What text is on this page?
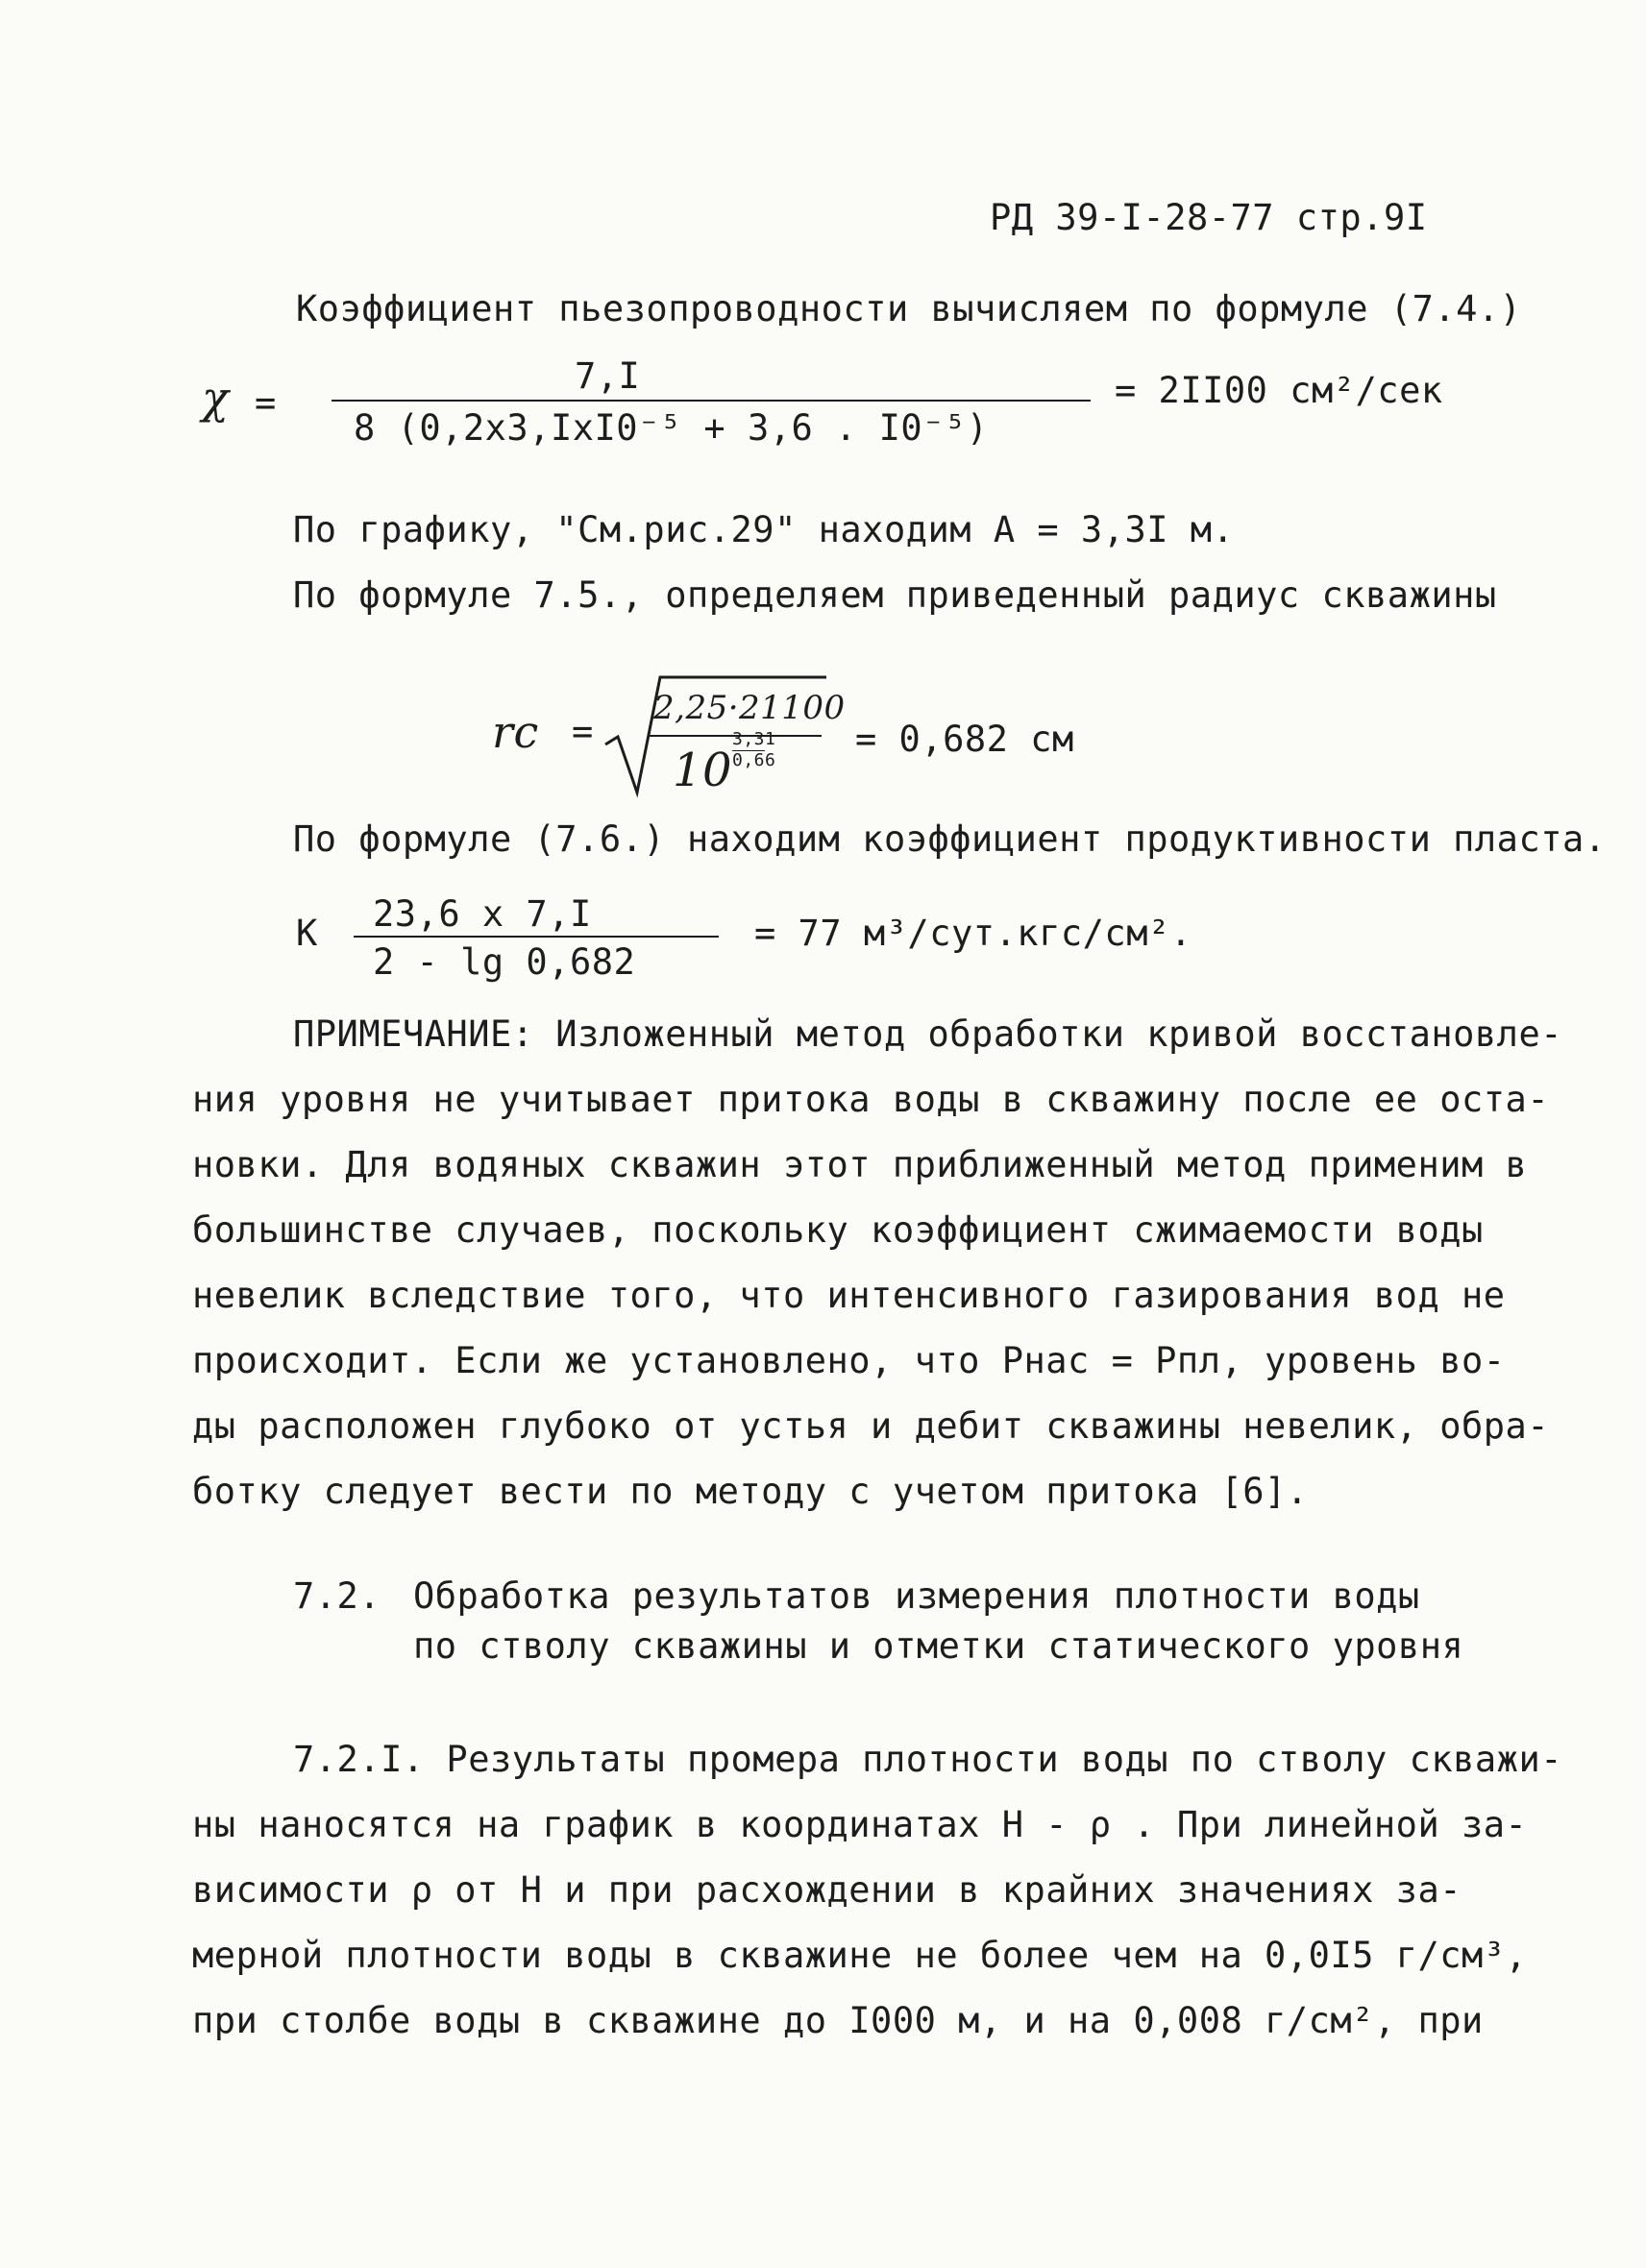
РД 39-I-28-77 стр.9I
Коэффициент пьезопроводности вычисляем по формуле (7.4.)
χ =
7,I
8 (0,2x3,IxI0⁻⁵ + 3,6 . I0⁻⁵)
= 2II00 см²/сек
По графику, "См.рис.29" находим A = 3,3I м.
По формуле 7.5., определяем приведенный радиус скважины
rc =
2,25·21100
10
3,31
0,66
= 0,682 см
По формуле (7.6.) находим коэффициент продуктивности пласта.
K 23,6 x 7,I
2 - lg 0,682
= 77 м³/сут.кгс/см².
ПРИМЕЧАНИЕ: Изложенный метод обработки кривой восстановле-
ния уровня не учитывает притока воды в скважину после ее оста-
новки. Для водяных скважин этот приближенный метод применим в
большинстве случаев, поскольку коэффициент сжимаемости воды
невелик вследствие того, что интенсивного газирования вод не
происходит. Если же установлено, что Pнас = Pпл, уровень во-
ды расположен глубоко от устья и дебит скважины невелик, обра-
ботку следует вести по методу с учетом притока [6].
7.2. Обработка результатов измерения плотности воды
по стволу скважины и отметки статического уровня
7.2.I. Результаты промера плотности воды по стволу скважи-
ны наносятся на график в координатах H - ρ . При линейной за-
висимости ρ от H и при расхождении в крайних значениях за-
мерной плотности воды в скважине не более чем на 0,0I5 г/см³,
при столбе воды в скважине до I000 м, и на 0,008 г/см², при
